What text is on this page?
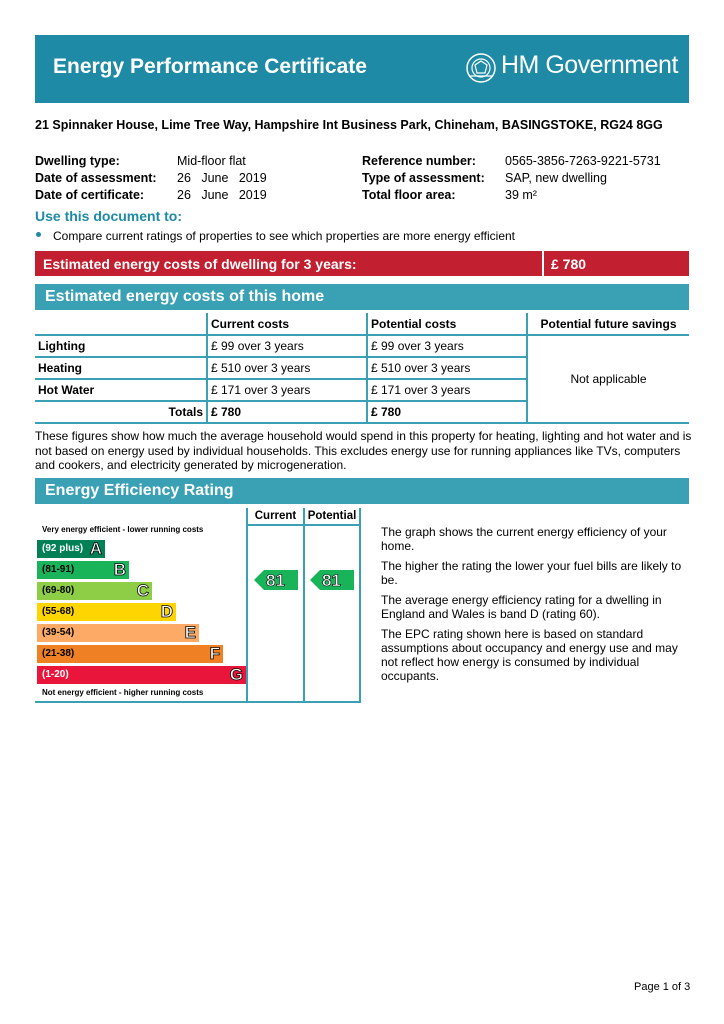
Energy Performance Certificate	HM Government
21 Spinnaker House, Lime Tree Way, Hampshire Int Business Park, Chineham, BASINGSTOKE, RG24 8GG
Dwelling type:	Mid-floor flat
Date of assessment: 26   June   2019
Date of certificate:	26   June   2019
Reference number: 0565-3856-7263-9221-5731
Type of assessment: SAP, new dwelling
Total floor area:	39 m²
Use this document to:
Compare current ratings of properties to see which properties are more energy efficient
Estimated energy costs of dwelling for 3 years:	£ 780
Estimated energy costs of this home
	Current costs	Potential costs	Potential future savings
Lighting	£ 99 over 3 years	£ 99 over 3 years	Not applicable
Heating	£ 510 over 3 years	£ 510 over 3 years	
Hot Water	£ 171 over 3 years	£ 171 over 3 years	
Totals	£ 780	£ 780	
These figures show how much the average household would spend in this property for heating, lighting and hot water and is not based on energy used by individual households. This excludes energy use for running appliances like TVs, computers and cookers, and electricity generated by microgeneration.
Energy Efficiency Rating
Current Potential
Very energy efficient - lower running costs
Not energy efficient - higher running costs
(92 plus) A
(81-91) B
(69-80)	C
(55-68)	D
(39-54)	E
(21-38)	F
(1-20)	G
81 81

The graph shows the current energy efficiency of your home.

The higher the rating the lower your fuel bills are likely to be.

The average energy efficiency rating for a dwelling in England and Wales is band D (rating 60).

The EPC rating shown here is based on standard assumptions about occupancy and energy use and may not reflect how energy is consumed by individual occupants.

Page 1 of 3
